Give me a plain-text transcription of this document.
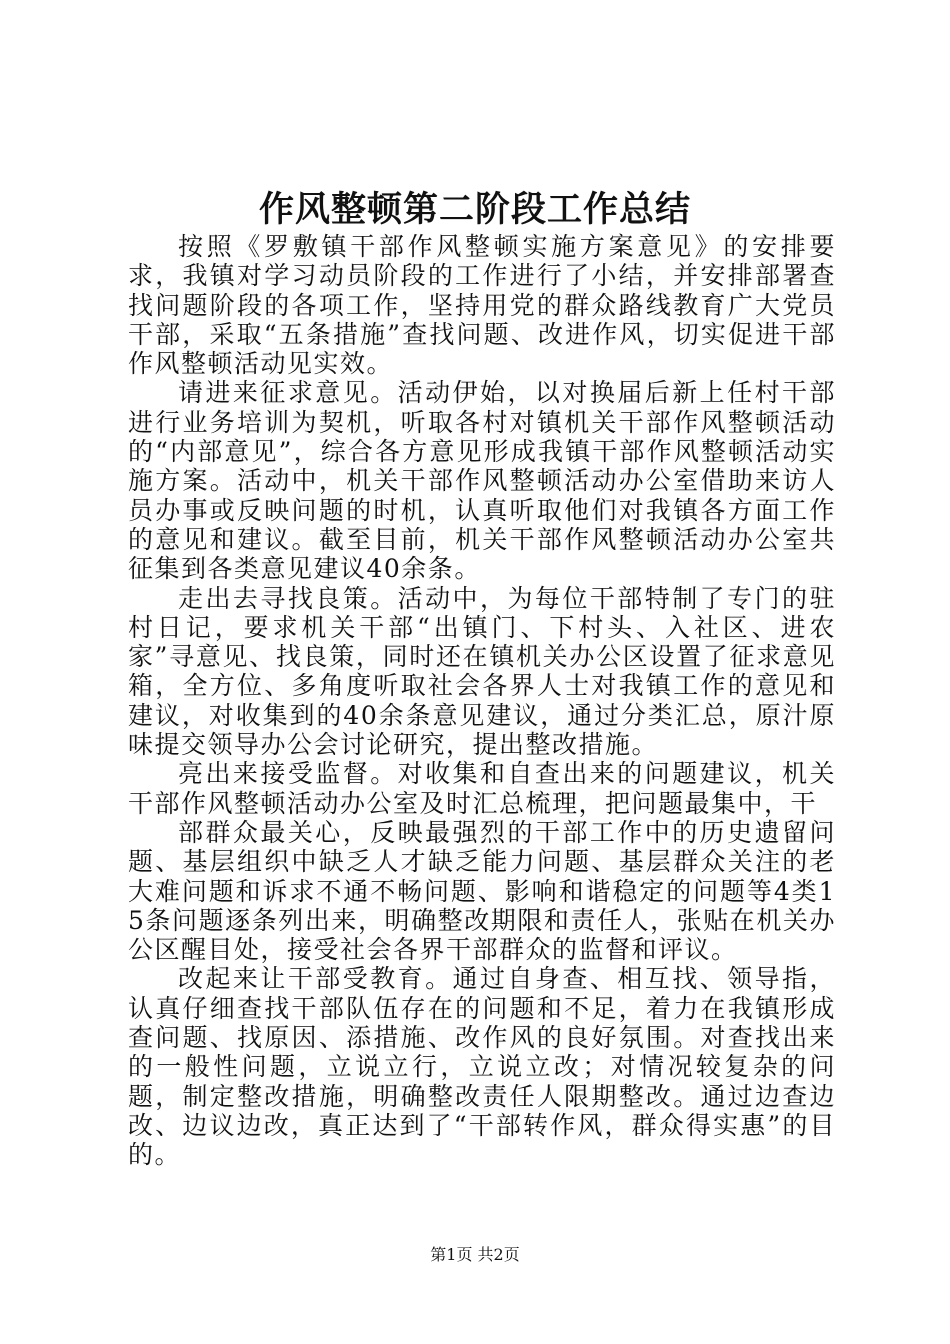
作风整顿第二阶段工作总结

按照《罗敷镇干部作风整顿实施方案意见》的安排要求，我镇对学习动员阶段的工作进行了小结，并安排部署查找问题阶段的各项工作，坚持用党的群众路线教育广大党员干部，采取“五条措施”查找问题、改进作风，切实促进干部作风整顿活动见实效。

请进来征求意见。活动伊始，以对换届后新上任村干部进行业务培训为契机，听取各村对镇机关干部作风整顿活动的“内部意见”，综合各方意见形成我镇干部作风整顿活动实施方案。活动中，机关干部作风整顿活动办公室借助来访人员办事或反映问题的时机，认真听取他们对我镇各方面工作的意见和建议。截至目前，机关干部作风整顿活动办公室共征集到各类意见建议40余条。

走出去寻找良策。活动中，为每位干部特制了专门的驻村日记，要求机关干部“出镇门、下村头、入社区、进农家”寻意见、找良策，同时还在镇机关办公区设置了征求意见箱，全方位、多角度听取社会各界人士对我镇工作的意见和建议，对收集到的40余条意见建议，通过分类汇总，原汁原味提交领导办公会讨论研究，提出整改措施。

亮出来接受监督。对收集和自查出来的问题建议，机关干部作风整顿活动办公室及时汇总梳理，把问题最集中，干

部群众最关心，反映最强烈的干部工作中的历史遗留问题、基层组织中缺乏人才缺乏能力问题、基层群众关注的老大难问题和诉求不通不畅问题、影响和谐稳定的问题等4类15条问题逐条列出来，明确整改期限和责任人，张贴在机关办公区醒目处，接受社会各界干部群众的监督和评议。

改起来让干部受教育。通过自身查、相互找、领导指，认真仔细查找干部队伍存在的问题和不足，着力在我镇形成查问题、找原因、添措施、改作风的良好氛围。对查找出来的一般性问题，立说立行，立说立改；对情况较复杂的问题，制定整改措施，明确整改责任人限期整改。通过边查边改、边议边改，真正达到了“干部转作风，群众得实惠”的目的。

第1页 共2页
